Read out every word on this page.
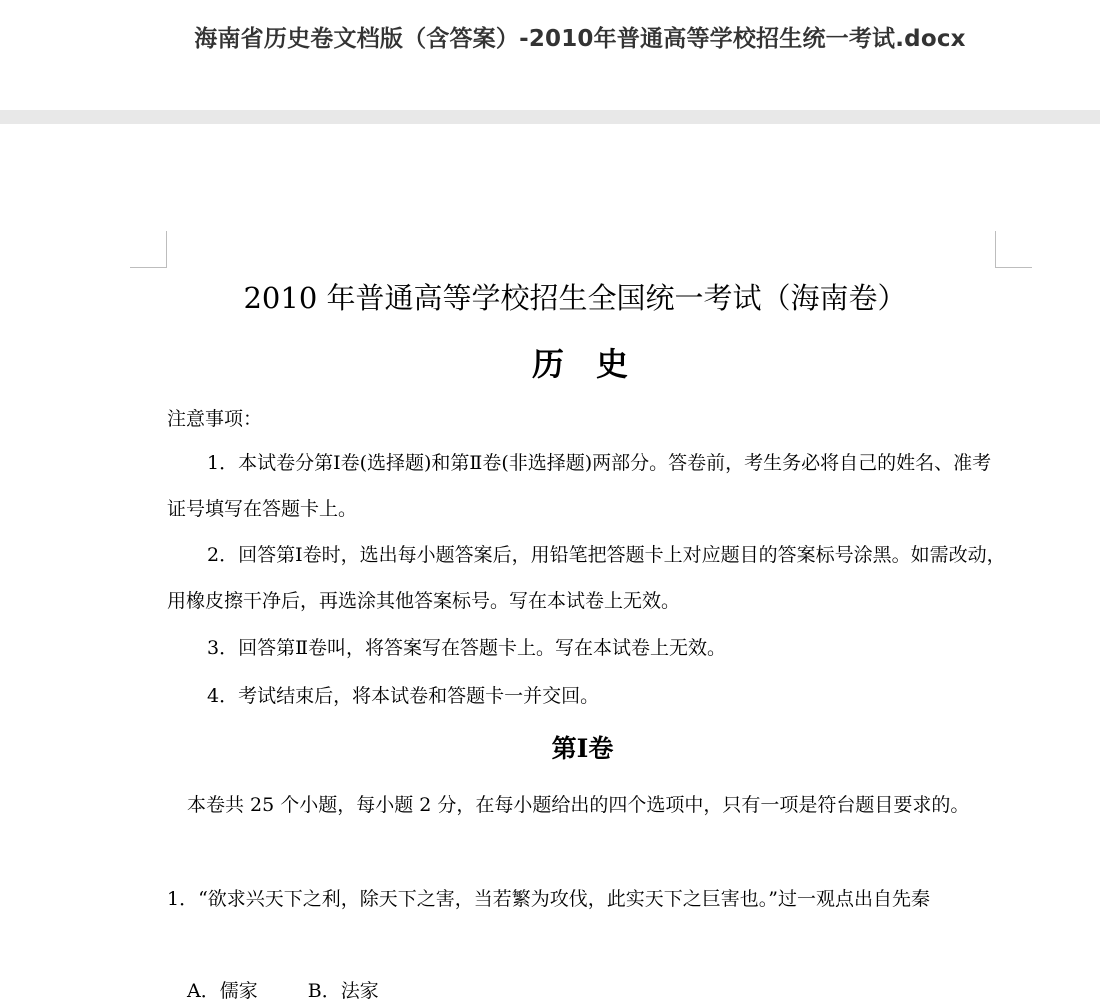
海南省历史卷文档版（含答案）-2010年普通高等学校招生统一考试.docx
2010 年普通高等学校招生全国统一考试（海南卷）
历　史
注意事项：
1．本试卷分第Ⅰ卷(选择题)和第Ⅱ卷(非选择题)两部分。答卷前，考生务必将自己的姓名、准考证号填写在答题卡上。
2．回答第Ⅰ卷时，选出每小题答案后，用铅笔把答题卡上对应题目的答案标号涂黑。如需改动，用橡皮擦干净后，再选涂其他答案标号。写在本试卷上无效。
3．回答第Ⅱ卷叫，将答案写在答题卡上。写在本试卷上无效。
4．考试结束后，将本试卷和答题卡一并交回。
第Ⅰ卷
本卷共 25 个小题，每小题 2 分，在每小题给出的四个选项中，只有一项是符台题目要求的。
1．“欲求兴天下之利，除天下之害，当若繁为攻伐，此实天下之巨害也。”过一观点出自先秦
A．儒家	B．法家
